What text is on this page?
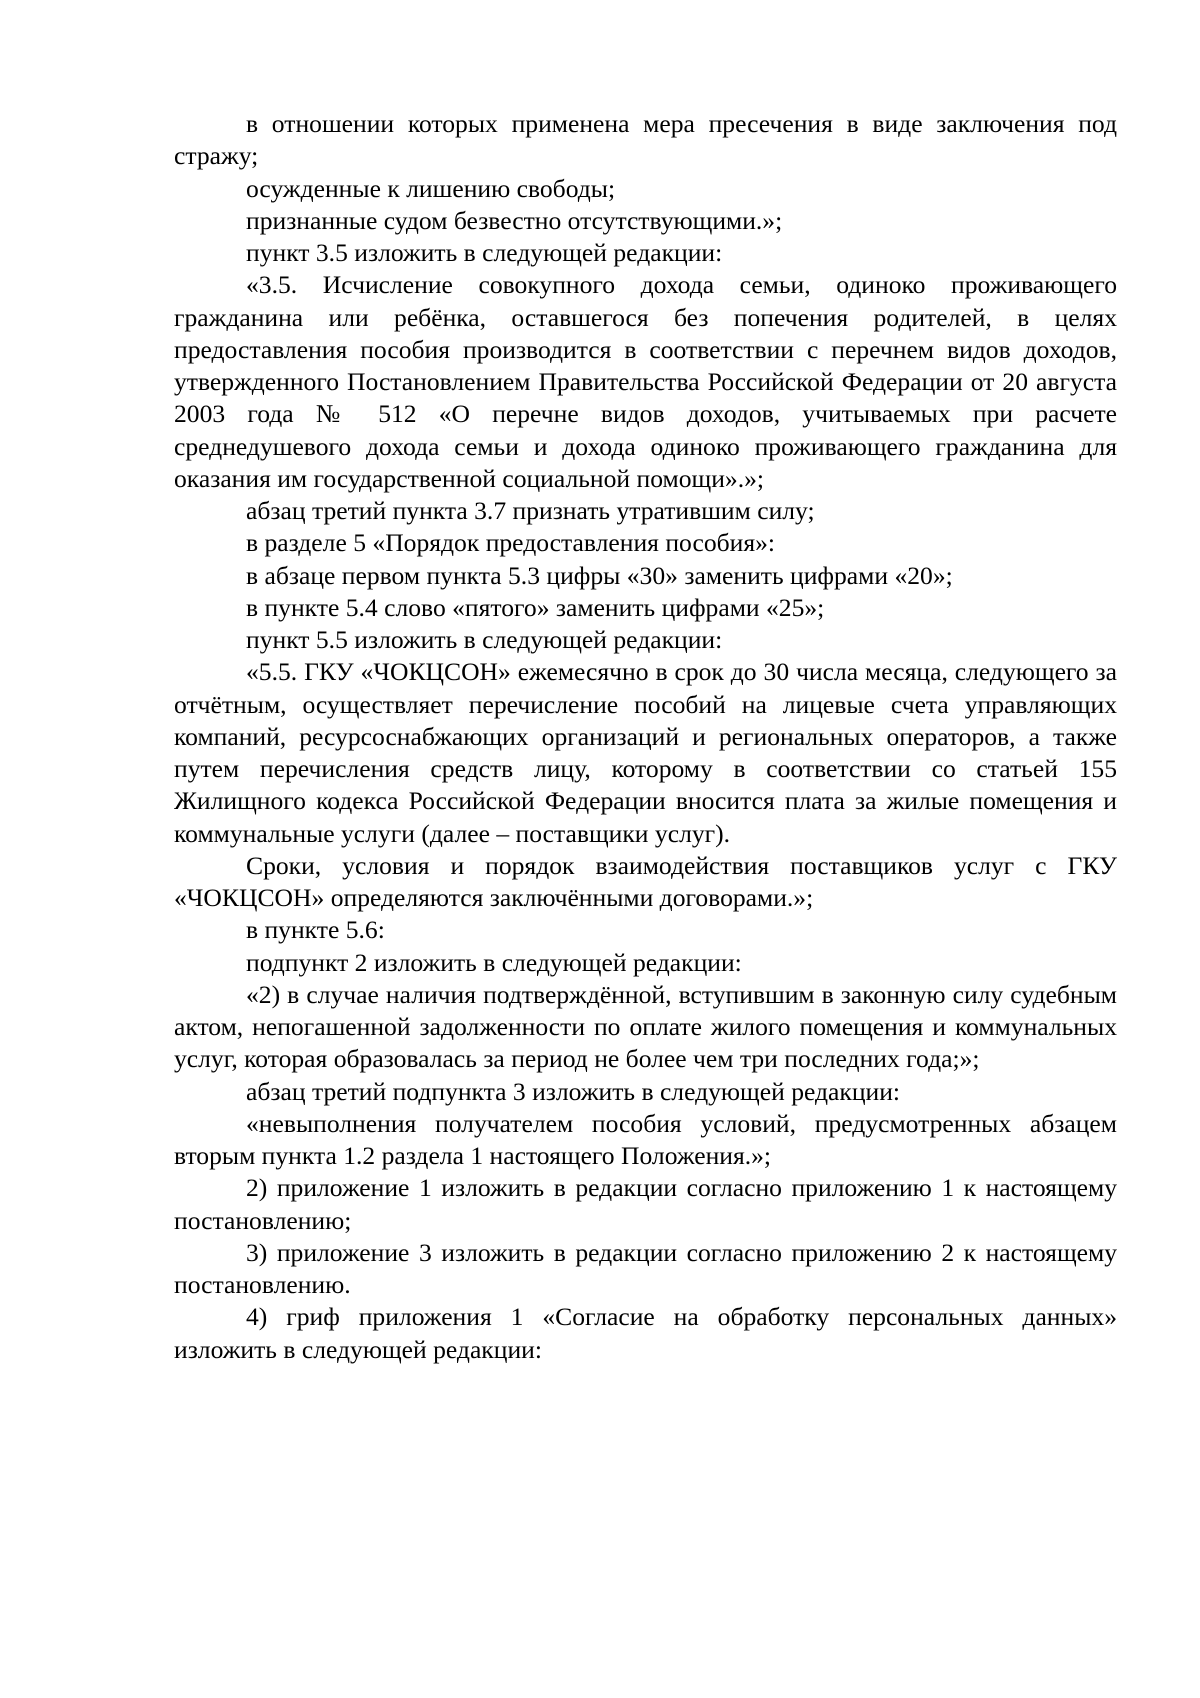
в отношении которых применена мера пресечения в виде заключения под стражу;

осужденные к лишению свободы;

признанные судом безвестно отсутствующими.»;

пункт 3.5 изложить в следующей редакции:

«3.5. Исчисление совокупного дохода семьи, одиноко проживающего гражданина или ребёнка, оставшегося без попечения родителей, в целях предоставления пособия производится в соответствии с перечнем видов доходов, утвержденного Постановлением Правительства Российской Федерации от 20 августа 2003 года № 512 «О перечне видов доходов, учитываемых при расчете среднедушевого дохода семьи и дохода одиноко проживающего гражданина для оказания им государственной социальной помощи».»;

абзац третий пункта 3.7 признать утратившим силу;

в разделе 5 «Порядок предоставления пособия»:

в абзаце первом пункта 5.3 цифры «30» заменить цифрами «20»;

в пункте 5.4 слово «пятого» заменить цифрами «25»;

пункт 5.5 изложить в следующей редакции:

«5.5. ГКУ «ЧОКЦСОН» ежемесячно в срок до 30 числа месяца, следующего за отчётным, осуществляет перечисление пособий на лицевые счета управляющих компаний, ресурсоснабжающих организаций и региональных операторов, а также путем перечисления средств лицу, которому в соответствии со статьей 155 Жилищного кодекса Российской Федерации вносится плата за жилые помещения и коммунальные услуги (далее – поставщики услуг).

Сроки, условия и порядок взаимодействия поставщиков услуг с ГКУ «ЧОКЦСОН» определяются заключёнными договорами.»;

в пункте 5.6:

подпункт 2 изложить в следующей редакции:

«2) в случае наличия подтверждённой, вступившим в законную силу судебным актом, непогашенной задолженности по оплате жилого помещения и коммунальных услуг, которая образовалась за период не более чем три последних года;»;

абзац третий подпункта 3 изложить в следующей редакции:

«невыполнения получателем пособия условий, предусмотренных абзацем вторым пункта 1.2 раздела 1 настоящего Положения.»;

2) приложение 1 изложить в редакции согласно приложению 1 к настоящему постановлению;

3) приложение 3 изложить в редакции согласно приложению 2 к настоящему постановлению.

4) гриф приложения 1 «Согласие на обработку персональных данных» изложить в следующей редакции:
